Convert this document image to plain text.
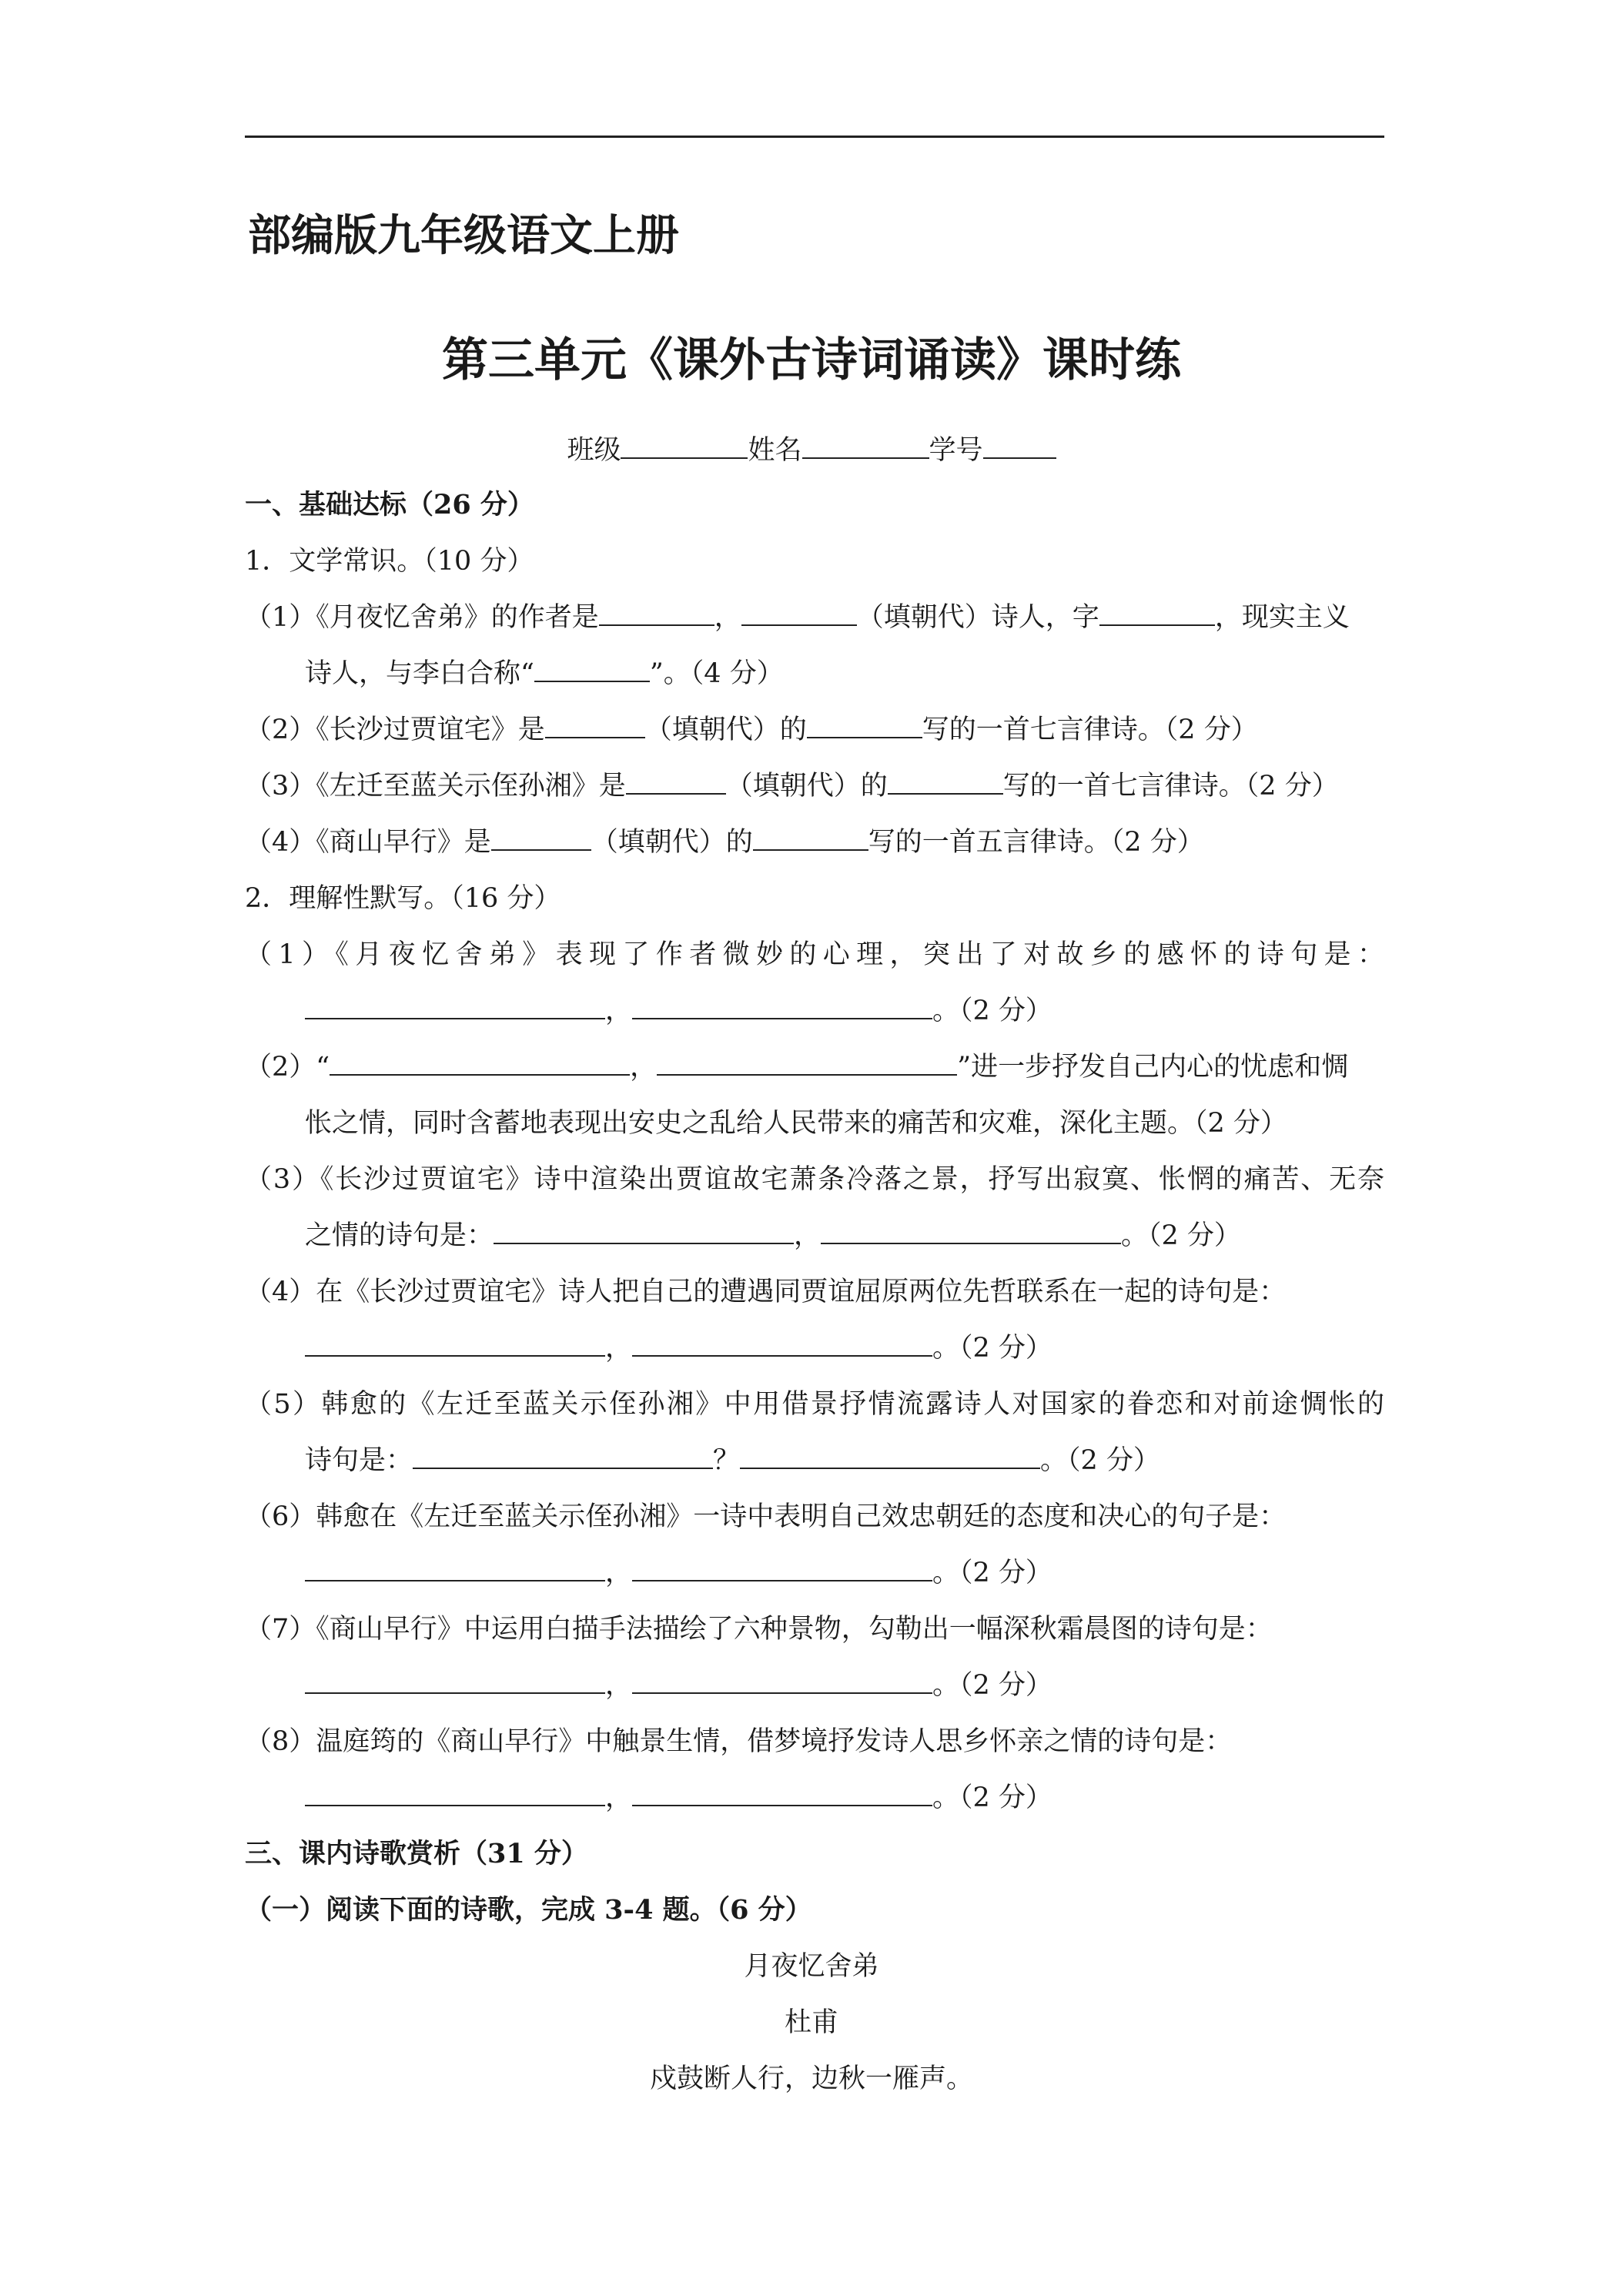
部编版九年级语文上册
第三单元《课外古诗词诵读》课时练
班级	姓名	学号
一、基础达标（26 分）
1．文学常识。（10 分）
（1）《月夜忆舍弟》的作者是	，	（填朝代）诗人，字	，现实主义
诗人，与李白合称“	”。（4 分）
（2）《长沙过贾谊宅》是	（填朝代）的	写的一首七言律诗。（2 分）
（3）《左迁至蓝关示侄孙湘》是	（填朝代）的	写的一首七言律诗。（2 分）
（4）《商山早行》是	（填朝代）的	写的一首五言律诗。（2 分）
2．理解性默写。（16 分）
（1）《月夜忆舍弟》表现了作者微妙的心理，突出了对故乡的感怀的诗句是：
，	。（2 分）
（2）“	，	”进一步抒发自己内心的忧虑和惆
怅之情，同时含蓄地表现出安史之乱给人民带来的痛苦和灾难，深化主题。（2 分）
（3）《长沙过贾谊宅》诗中渲染出贾谊故宅萧条冷落之景，抒写出寂寞、怅惘的痛苦、无奈
之情的诗句是：	，	。（2 分）
（4）在《长沙过贾谊宅》诗人把自己的遭遇同贾谊屈原两位先哲联系在一起的诗句是：
，	。（2 分）
（5）韩愈的《左迁至蓝关示侄孙湘》中用借景抒情流露诗人对国家的眷恋和对前途惆怅的
诗句是：	？	。（2 分）
（6）韩愈在《左迁至蓝关示侄孙湘》一诗中表明自己效忠朝廷的态度和决心的句子是：
，	。（2 分）
（7）《商山早行》中运用白描手法描绘了六种景物，勾勒出一幅深秋霜晨图的诗句是：
，	。（2 分）
（8）温庭筠的《商山早行》中触景生情，借梦境抒发诗人思乡怀亲之情的诗句是：
，	。（2 分）
三、课内诗歌赏析（31 分）
（一）阅读下面的诗歌，完成 3-4 题。（6 分）
月夜忆舍弟
杜甫
戍鼓断人行，边秋一雁声。
